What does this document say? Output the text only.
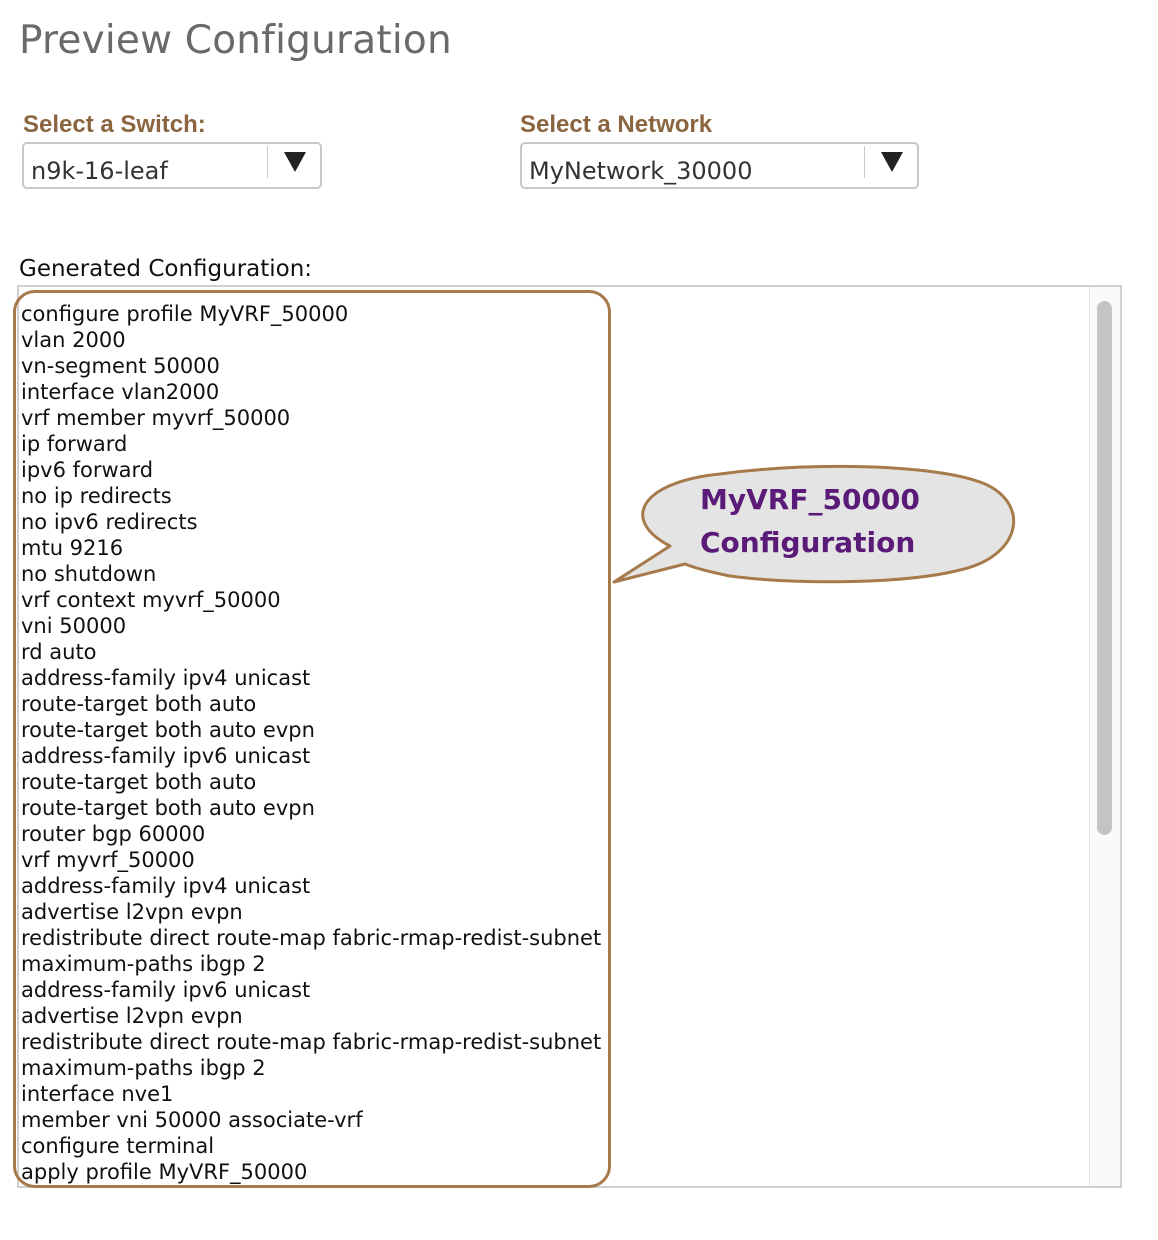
Preview Configuration
Select a Switch:
n9k-16-leaf
Select a Network
MyNetwork_30000
Generated Configuration:
configure profile MyVRF_50000
vlan 2000
vn-segment 50000
interface vlan2000
vrf member myvrf_50000
ip forward
ipv6 forward
no ip redirects
no ipv6 redirects
mtu 9216
no shutdown
vrf context myvrf_50000
vni 50000
rd auto
address-family ipv4 unicast
route-target both auto
route-target both auto evpn
address-family ipv6 unicast
route-target both auto
route-target both auto evpn
router bgp 60000
vrf myvrf_50000
address-family ipv4 unicast
advertise l2vpn evpn
redistribute direct route-map fabric-rmap-redist-subnet
maximum-paths ibgp 2
address-family ipv6 unicast
advertise l2vpn evpn
redistribute direct route-map fabric-rmap-redist-subnet
maximum-paths ibgp 2
interface nve1
member vni 50000 associate-vrf
configure terminal
apply profile MyVRF_50000
MyVRF_50000
Configuration
